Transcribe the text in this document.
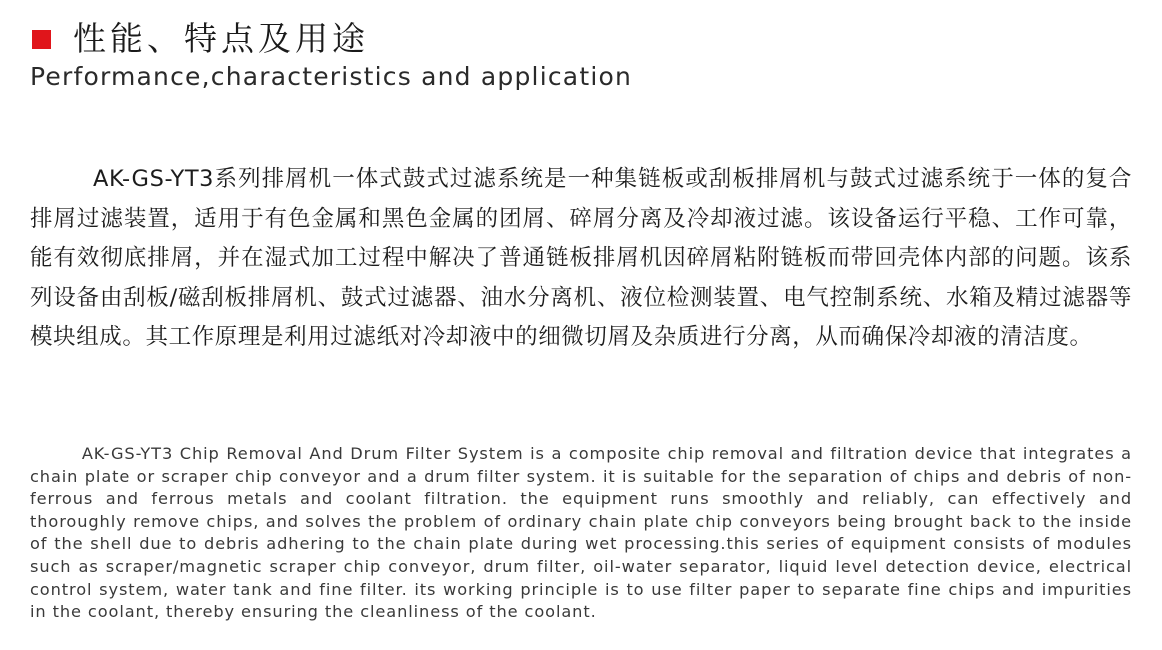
性能、特点及用途
Performance,characteristics and application

AK-GS-YT3系列排屑机一体式鼓式过滤系统是一种集链板或刮板排屑机与鼓式过滤系统于一体的复合排屑过滤装置，适用于有色金属和黑色金属的团屑、碎屑分离及冷却液过滤。该设备运行平稳、工作可靠，能有效彻底排屑，并在湿式加工过程中解决了普通链板排屑机因碎屑粘附链板而带回壳体内部的问题。该系列设备由刮板/磁刮板排屑机、鼓式过滤器、油水分离机、液位检测装置、电气控制系统、水箱及精过滤器等模块组成。其工作原理是利用过滤纸对冷却液中的细微切屑及杂质进行分离，从而确保冷却液的清洁度。

AK-GS-YT3 Chip Removal And Drum Filter System is a composite chip removal and filtration device that integrates a chain plate or scraper chip conveyor and a drum filter system. it is suitable for the separation of chips and debris of non-ferrous and ferrous metals and coolant filtration. the equipment runs smoothly and reliably, can effectively and thoroughly remove chips, and solves the problem of ordinary chain plate chip conveyors being brought back to the inside of the shell due to debris adhering to the chain plate during wet processing.this series of equipment consists of modules such as scraper/magnetic scraper chip conveyor, drum filter, oil-water separator, liquid level detection device, electrical control system, water tank and fine filter. its working principle is to use filter paper to separate fine chips and impurities in the coolant, thereby ensuring the cleanliness of the coolant.
